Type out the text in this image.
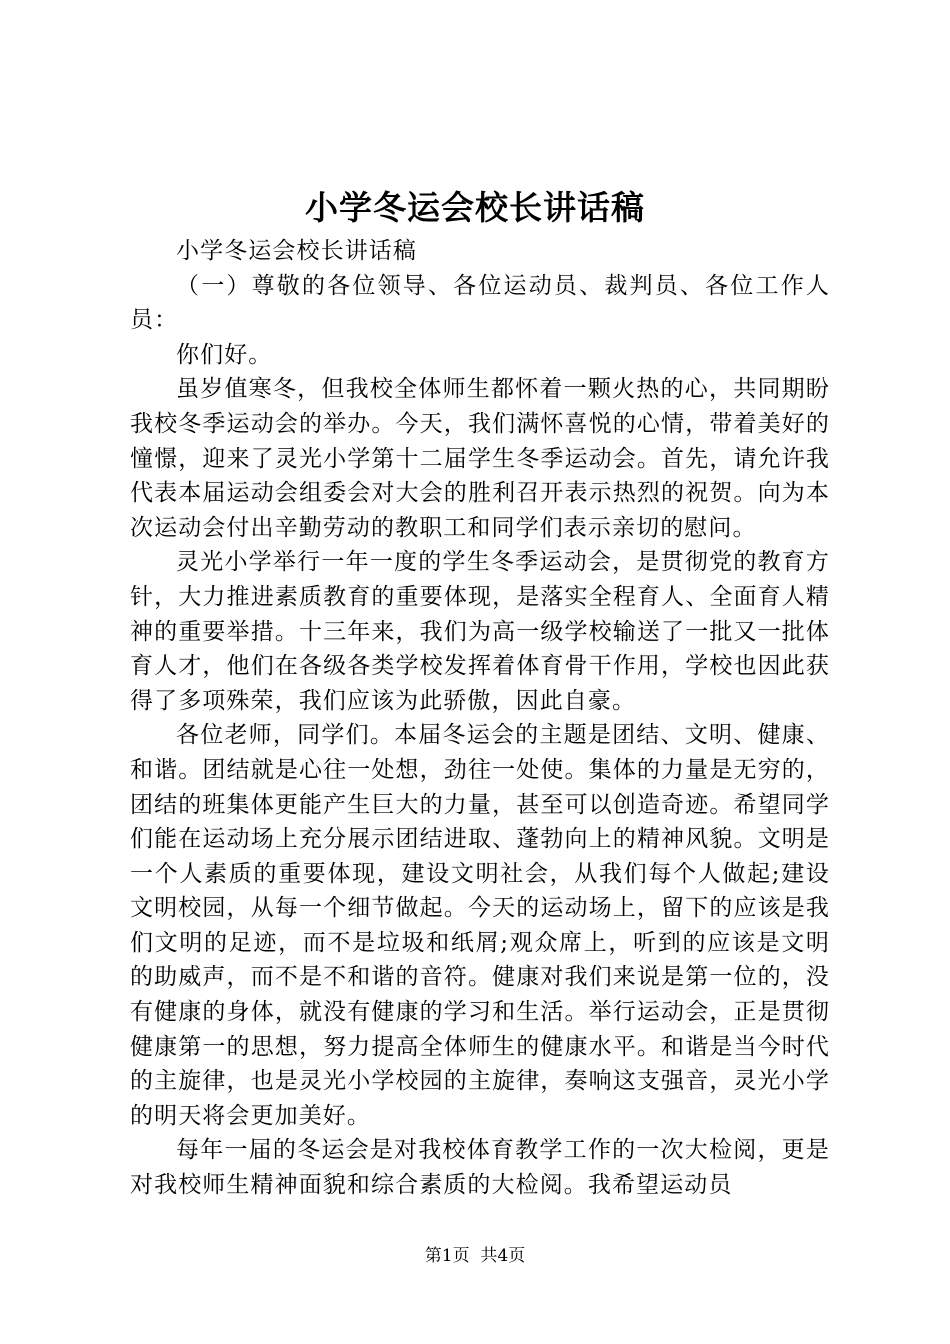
小学冬运会校长讲话稿

小学冬运会校长讲话稿

（一）尊敬的各位领导、各位运动员、裁判员、各位工作人员：

你们好。

虽岁值寒冬，但我校全体师生都怀着一颗火热的心，共同期盼我校冬季运动会的举办。今天，我们满怀喜悦的心情，带着美好的憧憬，迎来了灵光小学第十二届学生冬季运动会。首先，请允许我代表本届运动会组委会对大会的胜利召开表示热烈的祝贺。向为本次运动会付出辛勤劳动的教职工和同学们表示亲切的慰问。

灵光小学举行一年一度的学生冬季运动会，是贯彻党的教育方针，大力推进素质教育的重要体现，是落实全程育人、全面育人精神的重要举措。十三年来，我们为高一级学校输送了一批又一批体育人才，他们在各级各类学校发挥着体育骨干作用，学校也因此获得了多项殊荣，我们应该为此骄傲，因此自豪。

各位老师，同学们。本届冬运会的主题是团结、文明、健康、和谐。团结就是心往一处想，劲往一处使。集体的力量是无穷的，团结的班集体更能产生巨大的力量，甚至可以创造奇迹。希望同学们能在运动场上充分展示团结进取、蓬勃向上的精神风貌。文明是一个人素质的重要体现，建设文明社会，从我们每个人做起;建设文明校园，从每一个细节做起。今天的运动场上，留下的应该是我们文明的足迹，而不是垃圾和纸屑;观众席上，听到的应该是文明的助威声，而不是不和谐的音符。健康对我们来说是第一位的，没有健康的身体，就没有健康的学习和生活。举行运动会，正是贯彻健康第一的思想，努力提高全体师生的健康水平。和谐是当今时代的主旋律，也是灵光小学校园的主旋律，奏响这支强音，灵光小学的明天将会更加美好。

每年一届的冬运会是对我校体育教学工作的一次大检阅，更是对我校师生精神面貌和综合素质的大检阅。我希望运动员

第1页  共4页
